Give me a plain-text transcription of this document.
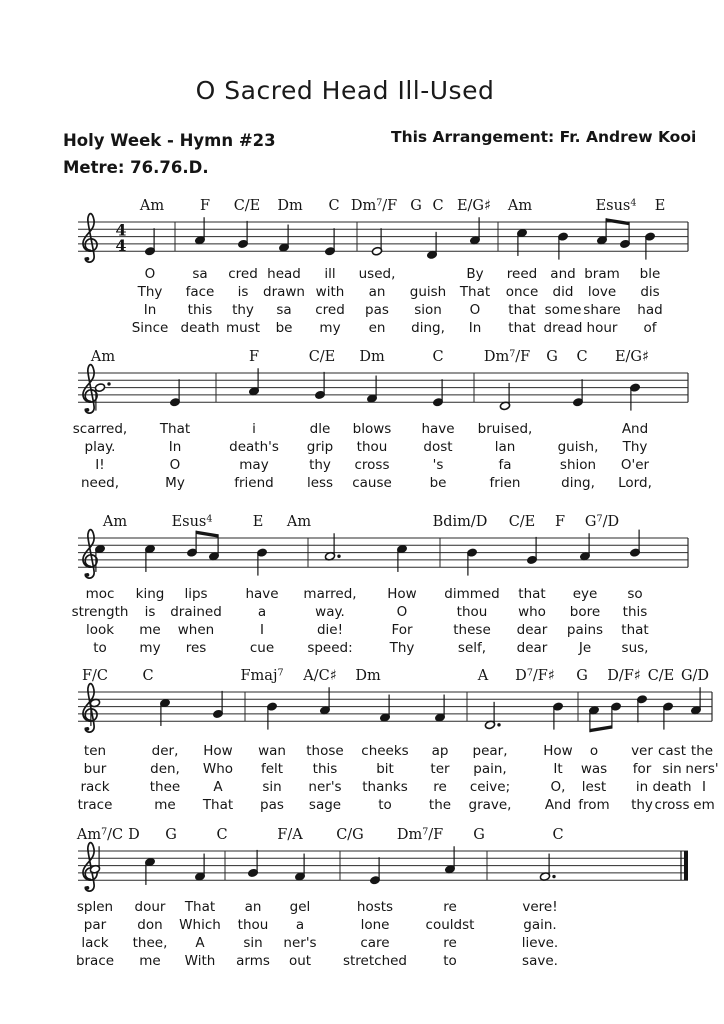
O Sacred Head Ill-Used
Holy Week - Hymn #23	This Arrangement: Fr. Andrew Kooi
Metre: 76.76.D.
4
4
Am F C/E Dm C Dm$^7$/F G C E/G♯ Am	Esus$^4$ E
O	sa cred head ill used,	By reed and bram ble
Thy face is drawn with an guish That once did love dis
In this thy sa cred pas sion O that some share had
Since death must be my en ding, In that dread hour of
Am	F	C/E Dm	C	Dm$^7$/F G C E/G♯
scarred, That	i	dle blows have bruised,	And
play.	In	death's grip thou	dost	lan	guish, Thy
I!	O	may	thy cross	's	fa	shion O'er
need,	My	friend less cause	be	frien	ding, Lord,
Am	Esus$^4$	E Am	Bdim/D C/E F $G^7/D$
moc king lips	have marred, How dimmed that eye so
strength is drained	a	way.	O	thou who bore this
look me when	I	die!	For	these dear pains that
to my res	cue speed:	Thy	self, dear Je sus,
F/C C	Fmaj$^7$ A/C♯ Dm	A $D^7/F♯$ G D/F♯ C/E G/D
ten	der, How wan those cheeks ap pear,	How o ver cast the
bur	den, Who felt this	bit	ter pain,	It was for sin ners'
rack	thee A	sin ner's thanks re ceive;	O, lest in death I
trace	me That pas sage	to	the grave, And from thy cross em
Am$^7$/C D G	C	F/A C/G Dm$^7$/F G	C
splen dour That an gel	hosts	re	vere!
par don Which thou a	lone	couldst	gain.
lack thee, A	sin ner's	care	re	lieve.
brace me With arms out stretched	to	save.
